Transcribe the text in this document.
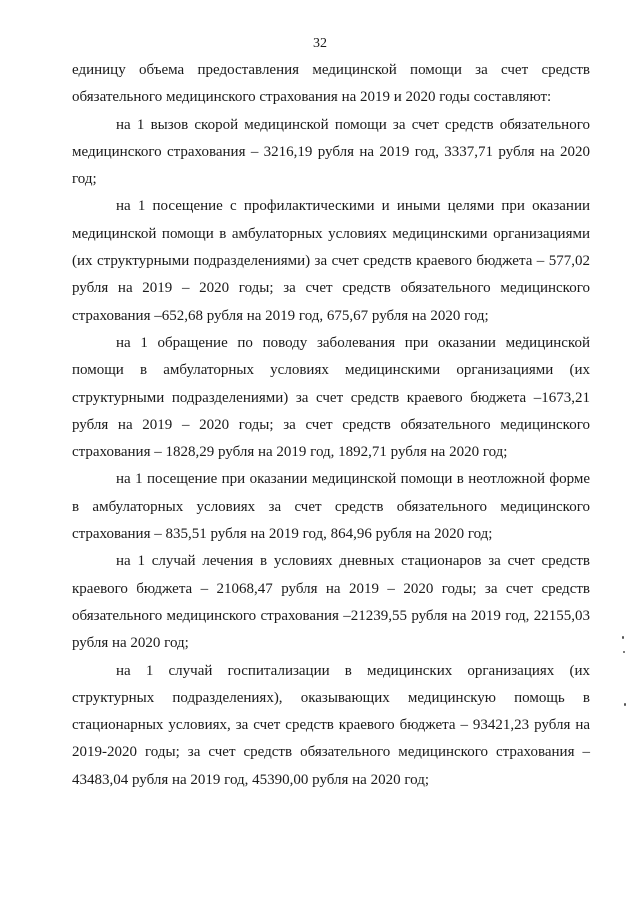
32

единицу объема предоставления медицинской помощи за счет средств обязательного медицинского страхования на 2019 и 2020 годы составляют:

на 1 вызов скорой медицинской помощи за счет средств обязательного медицинского страхования – 3216,19 рубля на 2019 год, 3337,71 рубля на 2020 год;

на 1 посещение с профилактическими и иными целями при оказании медицинской помощи в амбулаторных условиях медицинскими организациями (их структурными подразделениями) за счет средств краевого бюджета – 577,02 рубля на 2019 – 2020 годы; за счет средств обязательного медицинского страхования –652,68 рубля на 2019 год, 675,67 рубля на 2020 год;

на 1 обращение по поводу заболевания при оказании медицинской помощи в амбулаторных условиях медицинскими организациями (их структурными подразделениями) за счет средств краевого бюджета –1673,21 рубля на 2019 – 2020 годы; за счет средств обязательного медицинского страхования – 1828,29 рубля на 2019 год, 1892,71 рубля на 2020 год;

на 1 посещение при оказании медицинской помощи в неотложной форме в амбулаторных условиях за счет средств обязательного медицинского страхования – 835,51 рубля на 2019 год, 864,96 рубля на 2020 год;

на 1 случай лечения в условиях дневных стационаров за счет средств краевого бюджета – 21068,47 рубля на 2019 – 2020 годы; за счет средств обязательного медицинского страхования –21239,55 рубля на 2019 год, 22155,03 рубля на 2020 год;

на 1 случай госпитализации в медицинских организациях (их структурных подразделениях), оказывающих медицинскую помощь в стационарных условиях, за счет средств краевого бюджета – 93421,23 рубля на 2019-2020 годы; за счет средств обязательного медицинского страхования – 43483,04 рубля на 2019 год, 45390,00 рубля на 2020 год;
